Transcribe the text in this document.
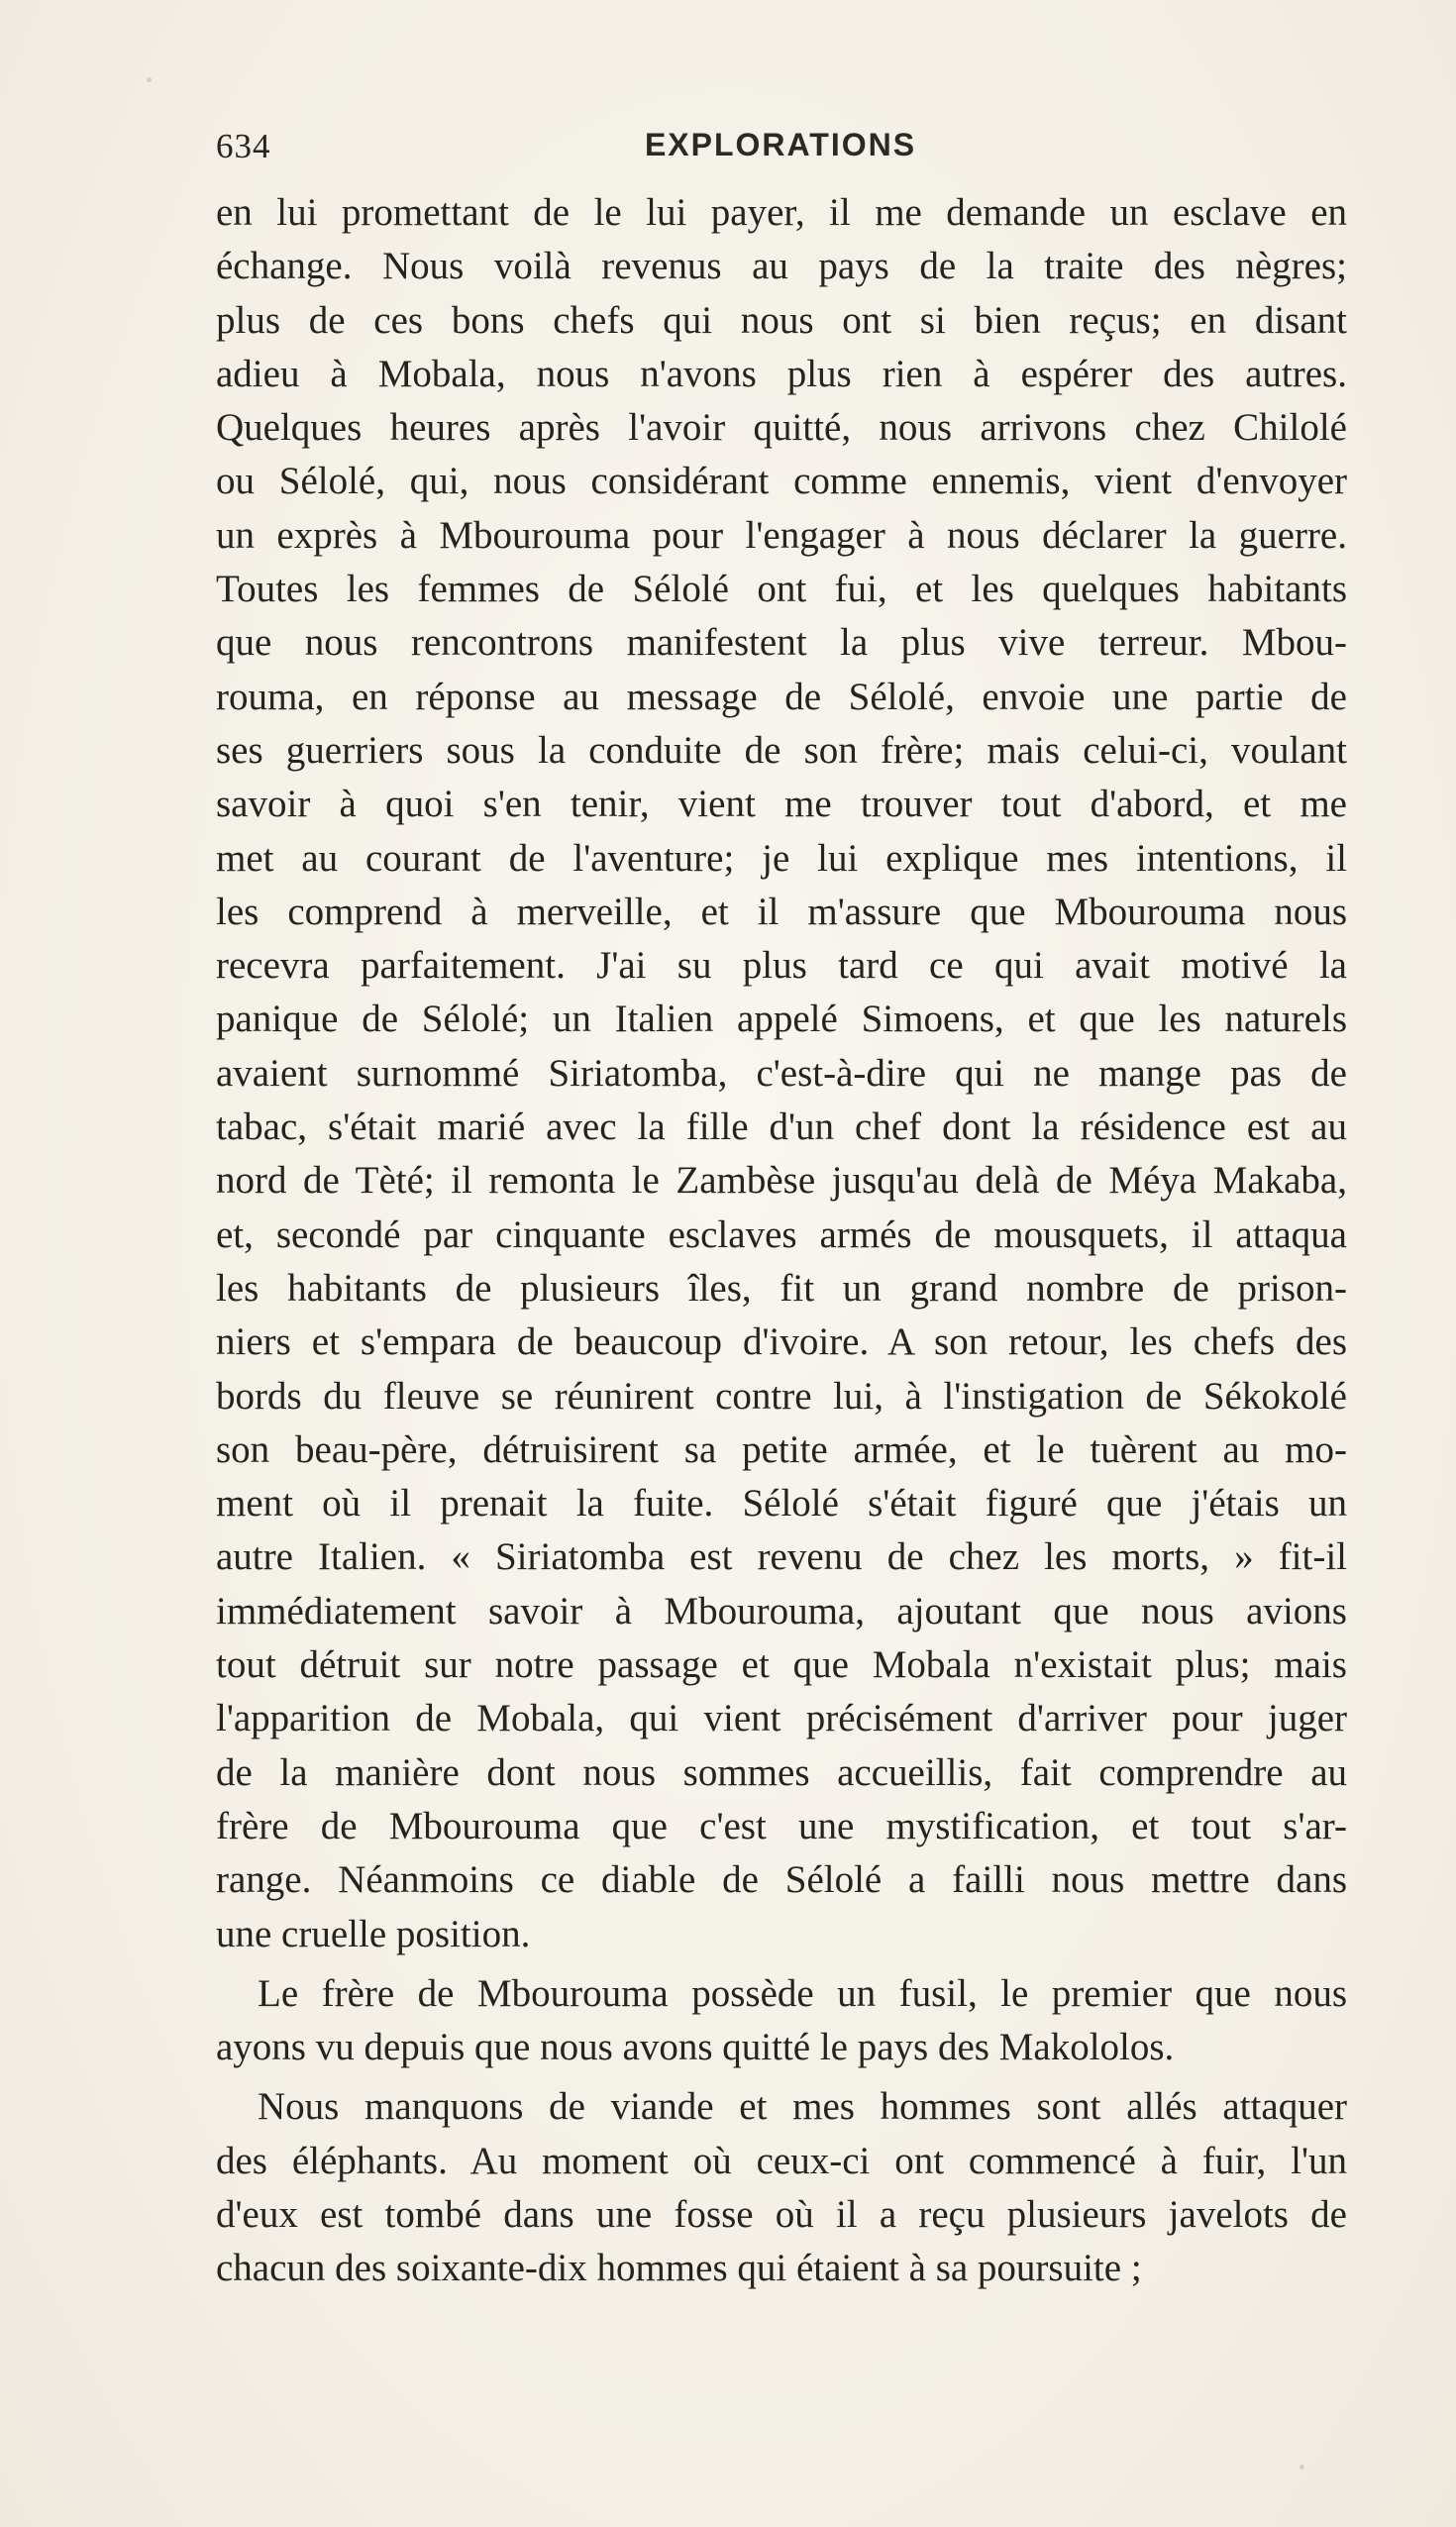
634	EXPLORATIONS
en lui promettant de le lui payer, il me demande un esclave en
échange. Nous voilà revenus au pays de la traite des nègres;
plus de ces bons chefs qui nous ont si bien reçus; en disant
adieu à Mobala, nous n'avons plus rien à espérer des autres.
Quelques heures après l'avoir quitté, nous arrivons chez Chilolé
ou Sélolé, qui, nous considérant comme ennemis, vient d'envoyer
un exprès à Mbourouma pour l'engager à nous déclarer la guerre.
Toutes les femmes de Sélolé ont fui, et les quelques habitants
que nous rencontrons manifestent la plus vive terreur. Mbou-
rouma, en réponse au message de Sélolé, envoie une partie de
ses guerriers sous la conduite de son frère; mais celui-ci, voulant
savoir à quoi s'en tenir, vient me trouver tout d'abord, et me
met au courant de l'aventure; je lui explique mes intentions, il
les comprend à merveille, et il m'assure que Mbourouma nous
recevra parfaitement. J'ai su plus tard ce qui avait motivé la
panique de Sélolé; un Italien appelé Simoens, et que les naturels
avaient surnommé Siriatomba, c'est-à-dire qui ne mange pas de
tabac, s'était marié avec la fille d'un chef dont la résidence est au
nord de Tèté; il remonta le Zambèse jusqu'au delà de Méya Makaba,
et, secondé par cinquante esclaves armés de mousquets, il attaqua
les habitants de plusieurs îles, fit un grand nombre de prison-
niers et s'empara de beaucoup d'ivoire. A son retour, les chefs des
bords du fleuve se réunirent contre lui, à l'instigation de Sékokolé
son beau-père, détruisirent sa petite armée, et le tuèrent au mo-
ment où il prenait la fuite. Sélolé s'était figuré que j'étais un
autre Italien. « Siriatomba est revenu de chez les morts, » fit-il
immédiatement savoir à Mbourouma, ajoutant que nous avions
tout détruit sur notre passage et que Mobala n'existait plus; mais
l'apparition de Mobala, qui vient précisément d'arriver pour juger
de la manière dont nous sommes accueillis, fait comprendre au
frère de Mbourouma que c'est une mystification, et tout s'ar-
range. Néanmoins ce diable de Sélolé a failli nous mettre dans
une cruelle position.
Le frère de Mbourouma possède un fusil, le premier que nous
ayons vu depuis que nous avons quitté le pays des Makololos.
Nous manquons de viande et mes hommes sont allés attaquer
des éléphants. Au moment où ceux-ci ont commencé à fuir, l'un
d'eux est tombé dans une fosse où il a reçu plusieurs javelots de
chacun des soixante-dix hommes qui étaient à sa poursuite ;
